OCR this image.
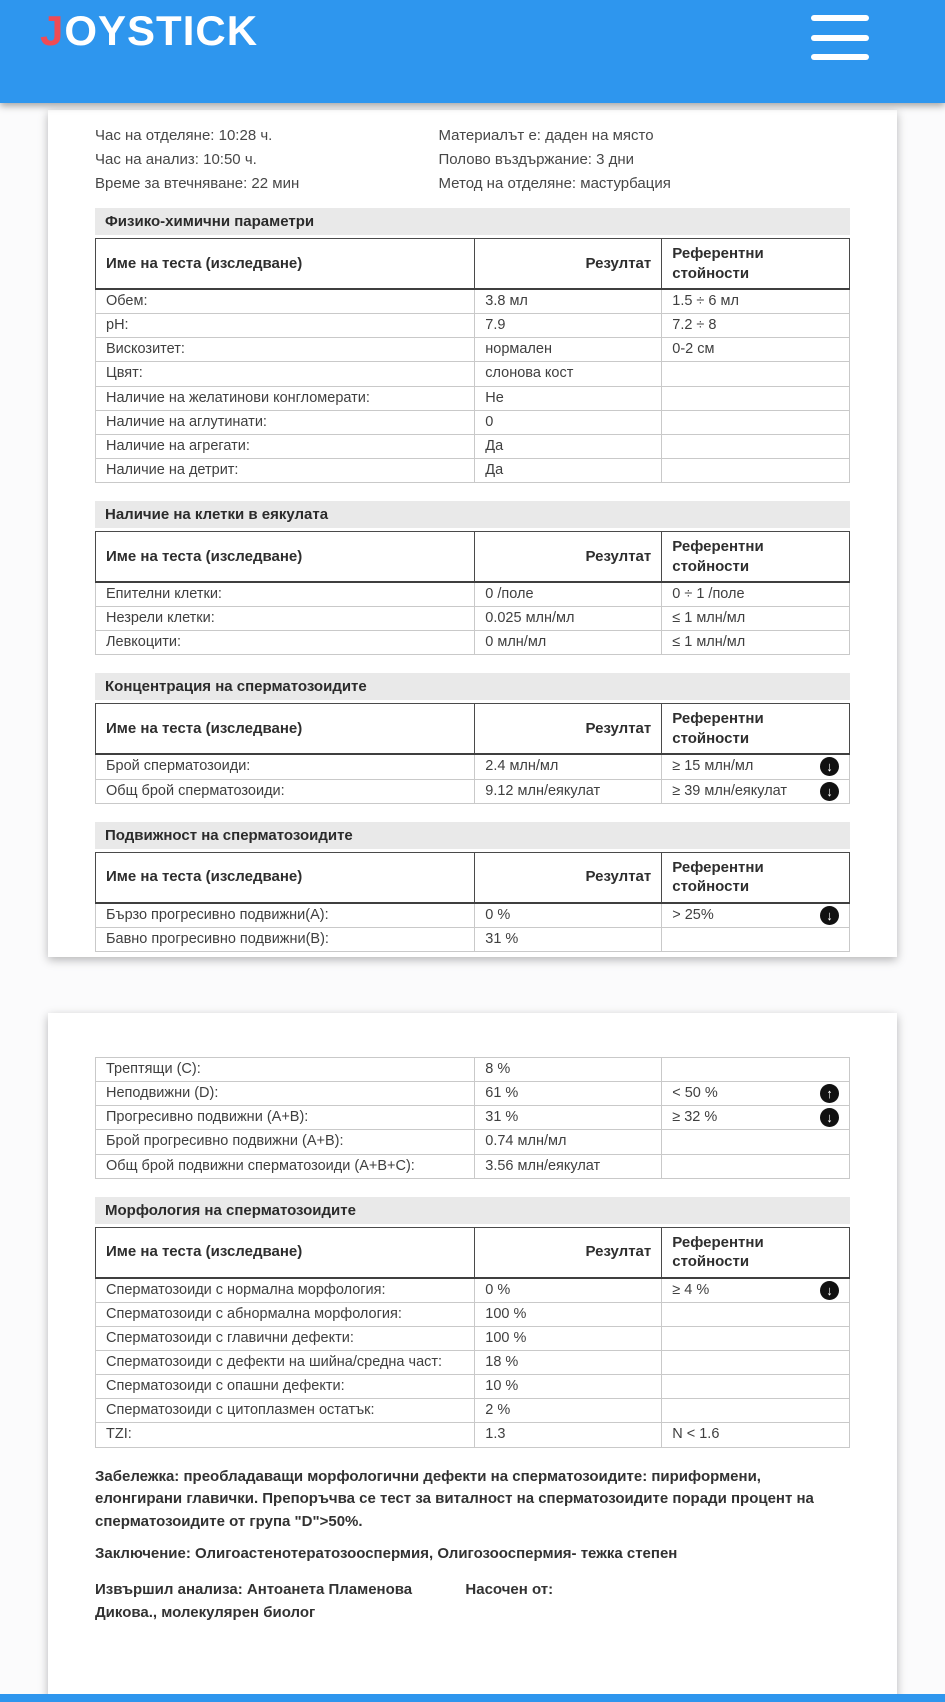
JOYSTICK
Час на отделяне: 10:28 ч.
Час на анализ: 10:50 ч.
Време за втечняване: 22 мин
Материалът е: даден на място
Полово въздържание: 3 дни
Метод на отделяне: мастурбация
Физико-химични параметри
Име на теста (изследване)	Резултат	Референтни стойности
Обем:	3.8 мл	1.5 ÷ 6 мл

pH:	7.9	7.2 ÷ 8

Вискозитет:	нормален	0-2 см

Цвят:	слонова кост	

Наличие на желатинови конгломерати:	Не	

Наличие на аглутинати:	0	

Наличие на агрегати:	Да	

Наличие на детрит:	Да	
Наличие на клетки в еякулата
Име на теста (изследване)	Резултат	Референтни стойности
Епителни клетки:	0 /поле	0 ÷ 1 /поле

Незрели клетки:	0.025 млн/мл	≤ 1 млн/мл

Левкоцити:	0 млн/мл	≤ 1 млн/мл
Концентрация на сперматозоидите
Име на теста (изследване)	Резултат	Референтни стойности
Брой сперматозоиди:	2.4 млн/мл	≥ 15 млн/мл ↓

Общ брой сперматозоиди:	9.12 млн/еякулат	≥ 39 млн/еякулат ↓
Подвижност на сперматозоидите
Име на теста (изследване)	Резултат	Референтни стойности
Бързо прогресивно подвижни(A):	0 %	> 25% ↓

Бавно прогресивно подвижни(B):	31 %	
Трептящи (C):	8 %	

Неподвижни (D):	61 %	< 50 % ↑

Прогресивно подвижни (A+B):	31 %	≥ 32 % ↓

Брой прогресивно подвижни (A+B):	0.74 млн/мл	

Общ брой подвижни сперматозоиди (A+B+C):	3.56 млн/еякулат	
Морфология на сперматозоидите
Име на теста (изследване)	Резултат	Референтни стойности
Сперматозоиди с нормална морфология:	0 %	≥ 4 % ↓

Сперматозоиди с абнормална морфология:	100 %	

Сперматозоиди с главични дефекти:	100 %	

Сперматозоиди с дефекти на шийна/средна част:	18 %	

Сперматозоиди с опашни дефекти:	10 %	

Сперматозоиди с цитоплазмен остатък:	2 %	

TZI:	1.3	N < 1.6

Забележка: преобладаващи морфологични дефекти на сперматозоидите: пириформени, елонгирани главички. Препоръчва се тест за виталност на сперматозоидите поради процент на сперматозоидите от група "D">50%.

Заключение: Олигоастенотератозооспермия, Олигозооспермия- тежка степен

Извършил анализа: Антоанета Пламенова Дикова., молекулярен биолог
Насочен от:
